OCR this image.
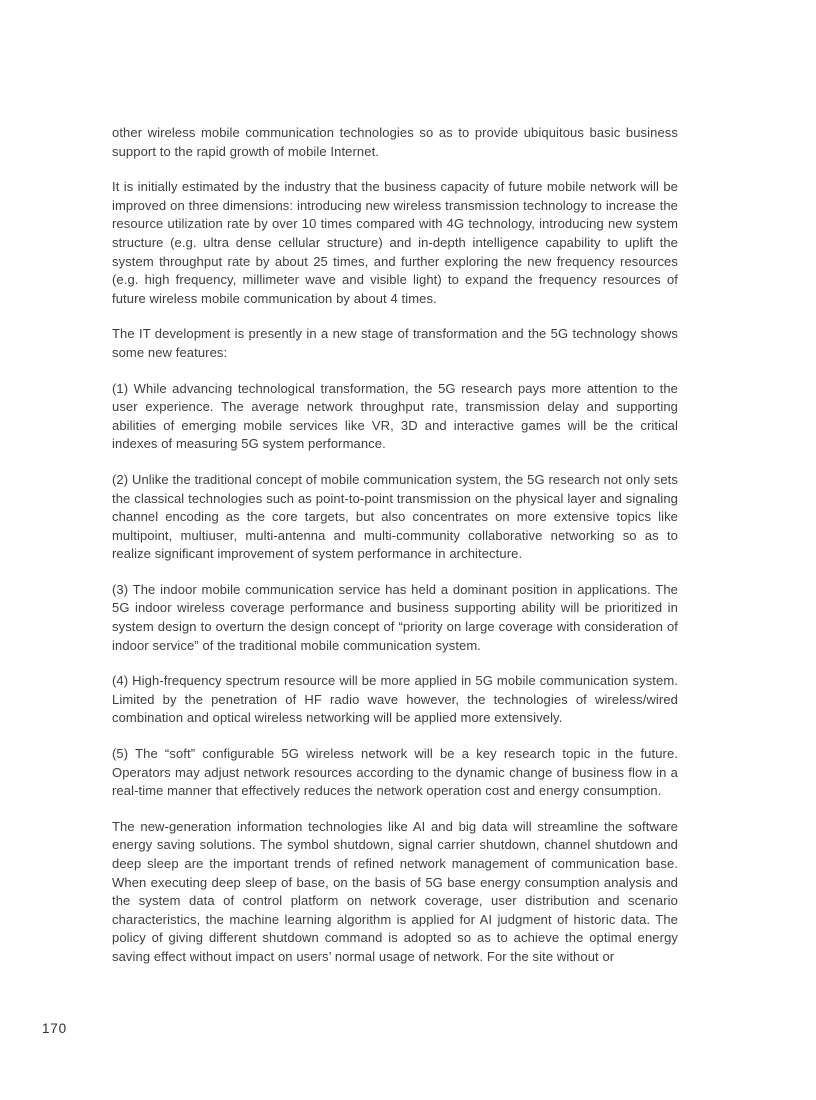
other wireless mobile communication technologies so as to provide ubiquitous basic business support to the rapid growth of mobile Internet.

It is initially estimated by the industry that the business capacity of future mobile network will be improved on three dimensions: introducing new wireless transmission technology to increase the resource utilization rate by over 10 times compared with 4G technology, introducing new system structure (e.g. ultra dense cellular structure) and in-depth intelligence capability to uplift the system throughput rate by about 25 times, and further exploring the new frequency resources (e.g. high frequency, millimeter wave and visible light) to expand the frequency resources of future wireless mobile communication by about 4 times.

The IT development is presently in a new stage of transformation and the 5G technology shows some new features:

(1) While advancing technological transformation, the 5G research pays more attention to the user experience. The average network throughput rate, transmission delay and supporting abilities of emerging mobile services like VR, 3D and interactive games will be the critical indexes of measuring 5G system performance.

(2) Unlike the traditional concept of mobile communication system, the 5G research not only sets the classical technologies such as point-to-point transmission on the physical layer and signaling channel encoding as the core targets, but also concentrates on more extensive topics like multipoint, multiuser, multi-antenna and multi-community collaborative networking so as to realize significant improvement of system performance in architecture.

(3) The indoor mobile communication service has held a dominant position in applications. The 5G indoor wireless coverage performance and business supporting ability will be prioritized in system design to overturn the design concept of “priority on large coverage with consideration of indoor service” of the traditional mobile communication system.

(4) High-frequency spectrum resource will be more applied in 5G mobile communication system. Limited by the penetration of HF radio wave however, the technologies of wireless/wired combination and optical wireless networking will be applied more extensively.

(5) The “soft” configurable 5G wireless network will be a key research topic in the future. Operators may adjust network resources according to the dynamic change of business flow in a real-time manner that effectively reduces the network operation cost and energy consumption.

The new-generation information technologies like AI and big data will streamline the software energy saving solutions. The symbol shutdown, signal carrier shutdown, channel shutdown and deep sleep are the important trends of refined network management of communication base. When executing deep sleep of base, on the basis of 5G base energy consumption analysis and the system data of control platform on network coverage, user distribution and scenario characteristics, the machine learning algorithm is applied for AI judgment of historic data. The policy of giving different shutdown command is adopted so as to achieve the optimal energy saving effect without impact on users’ normal usage of network. For the site without or

170
